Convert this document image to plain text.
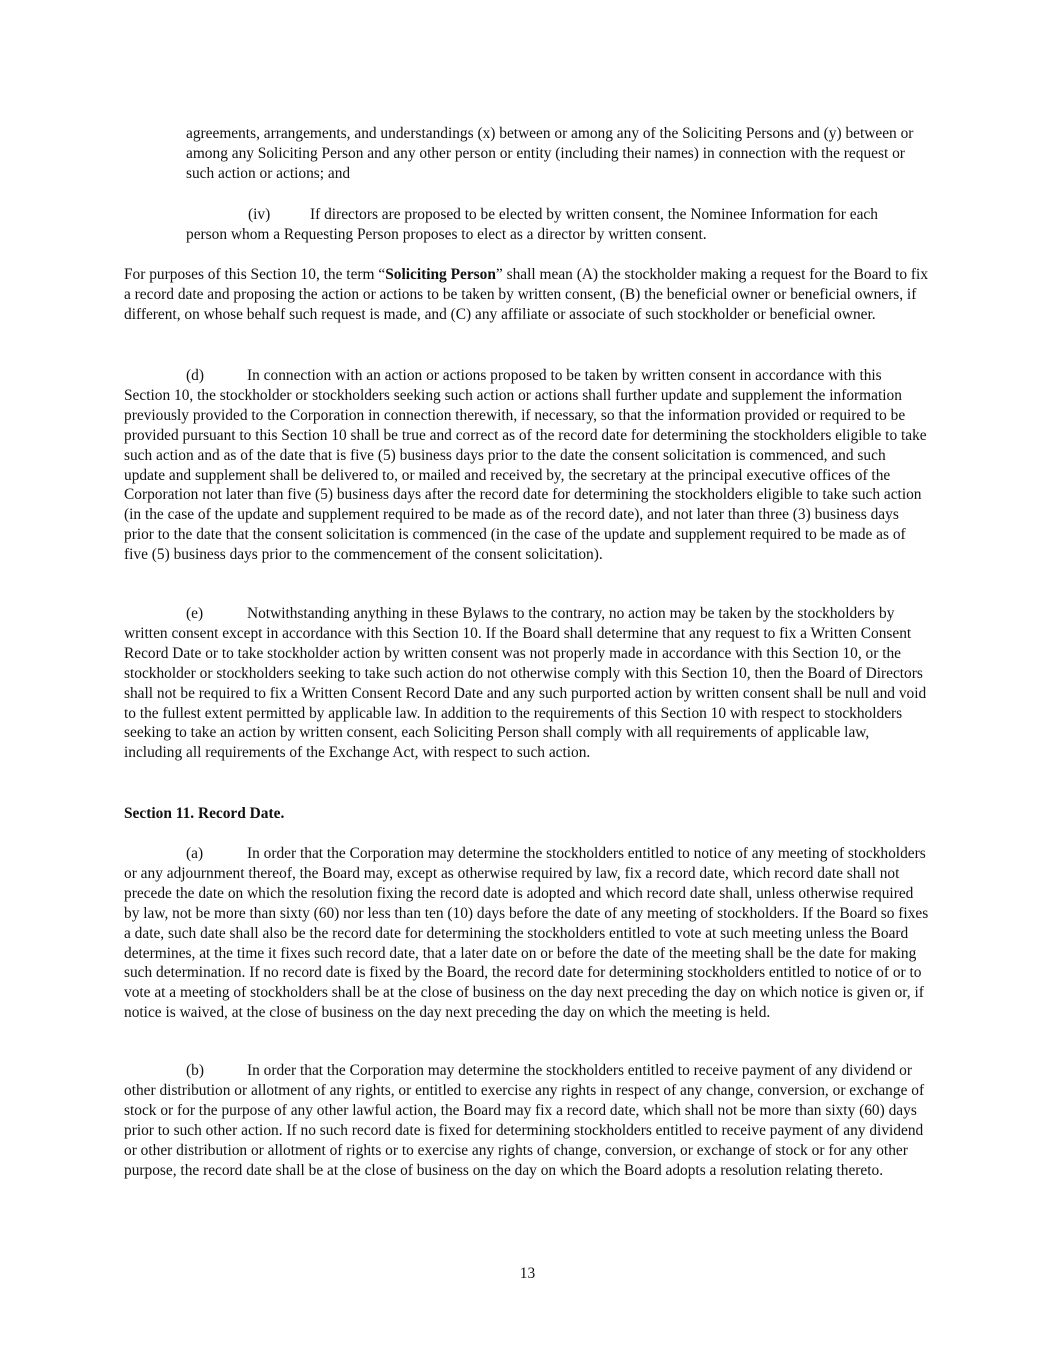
agreements, arrangements, and understandings (x) between or among any of the Soliciting Persons and (y) between or among any Soliciting Person and any other person or entity (including their names) in connection with the request or such action or actions; and

(iv)	If directors are proposed to be elected by written consent, the Nominee Information for each person whom a Requesting Person proposes to elect as a director by written consent.

For purposes of this Section 10, the term “Soliciting Person” shall mean (A) the stockholder making a request for the Board to fix a record date and proposing the action or actions to be taken by written consent, (B) the beneficial owner or beneficial owners, if different, on whose behalf such request is made, and (C) any affiliate or associate of such stockholder or beneficial owner.

(d)	In connection with an action or actions proposed to be taken by written consent in accordance with this Section 10, the stockholder or stockholders seeking such action or actions shall further update and supplement the information previously provided to the Corporation in connection therewith, if necessary, so that the information provided or required to be provided pursuant to this Section 10 shall be true and correct as of the record date for determining the stockholders eligible to take such action and as of the date that is five (5) business days prior to the date the consent solicitation is commenced, and such update and supplement shall be delivered to, or mailed and received by, the secretary at the principal executive offices of the Corporation not later than five (5) business days after the record date for determining the stockholders eligible to take such action (in the case of the update and supplement required to be made as of the record date), and not later than three (3) business days prior to the date that the consent solicitation is commenced (in the case of the update and supplement required to be made as of five (5) business days prior to the commencement of the consent solicitation).

(e)	Notwithstanding anything in these Bylaws to the contrary, no action may be taken by the stockholders by written consent except in accordance with this Section 10. If the Board shall determine that any request to fix a Written Consent Record Date or to take stockholder action by written consent was not properly made in accordance with this Section 10, or the stockholder or stockholders seeking to take such action do not otherwise comply with this Section 10, then the Board of Directors shall not be required to fix a Written Consent Record Date and any such purported action by written consent shall be null and void to the fullest extent permitted by applicable law. In addition to the requirements of this Section 10 with respect to stockholders seeking to take an action by written consent, each Soliciting Person shall comply with all requirements of applicable law, including all requirements of the Exchange Act, with respect to such action.

Section 11. Record Date.

(a)	In order that the Corporation may determine the stockholders entitled to notice of any meeting of stockholders or any adjournment thereof, the Board may, except as otherwise required by law, fix a record date, which record date shall not precede the date on which the resolution fixing the record date is adopted and which record date shall, unless otherwise required by law, not be more than sixty (60) nor less than ten (10) days before the date of any meeting of stockholders. If the Board so fixes a date, such date shall also be the record date for determining the stockholders entitled to vote at such meeting unless the Board determines, at the time it fixes such record date, that a later date on or before the date of the meeting shall be the date for making such determination. If no record date is fixed by the Board, the record date for determining stockholders entitled to notice of or to vote at a meeting of stockholders shall be at the close of business on the day next preceding the day on which notice is given or, if notice is waived, at the close of business on the day next preceding the day on which the meeting is held.

(b)	In order that the Corporation may determine the stockholders entitled to receive payment of any dividend or other distribution or allotment of any rights, or entitled to exercise any rights in respect of any change, conversion, or exchange of stock or for the purpose of any other lawful action, the Board may fix a record date, which shall not be more than sixty (60) days prior to such other action. If no such record date is fixed for determining stockholders entitled to receive payment of any dividend or other distribution or allotment of rights or to exercise any rights of change, conversion, or exchange of stock or for any other purpose, the record date shall be at the close of business on the day on which the Board adopts a resolution relating thereto.

13
